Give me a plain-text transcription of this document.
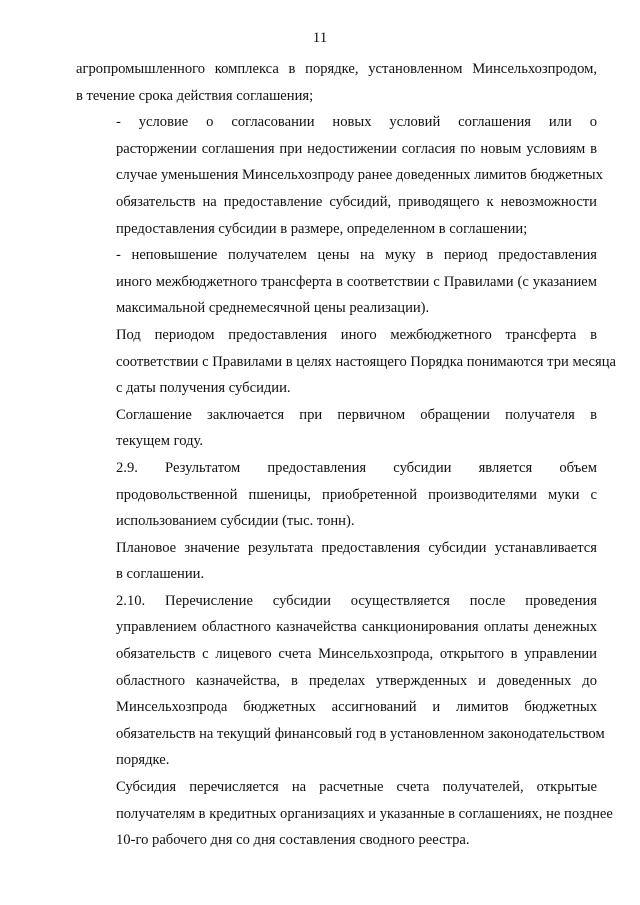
11
агропромышленного комплекса в порядке, установленном Минсельхозпродом,
в течение срока действия соглашения;
- условие о согласовании новых условий соглашения или о
расторжении соглашения при недостижении согласия по новым условиям в
случае уменьшения Минсельхозпроду ранее доведенных лимитов бюджетных
обязательств на предоставление субсидий, приводящего к невозможности
предоставления субсидии в размере, определенном в соглашении;
- неповышение получателем цены на муку в период предоставления
иного межбюджетного трансферта в соответствии с Правилами (с указанием
максимальной среднемесячной цены реализации).
Под периодом предоставления иного межбюджетного трансферта в
соответствии с Правилами в целях настоящего Порядка понимаются три месяца
с даты получения субсидии.
Соглашение заключается при первичном обращении получателя в
текущем году.
2.9. Результатом предоставления субсидии является объем
продовольственной пшеницы, приобретенной производителями муки с
использованием субсидии (тыс. тонн).
Плановое значение результата предоставления субсидии устанавливается
в соглашении.
2.10. Перечисление субсидии осуществляется после проведения
управлением областного казначейства санкционирования оплаты денежных
обязательств с лицевого счета Минсельхозпрода, открытого в управлении
областного казначейства, в пределах утвержденных и доведенных до
Минсельхозпрода бюджетных ассигнований и лимитов бюджетных
обязательств на текущий финансовый год в установленном законодательством
порядке.
Субсидия перечисляется на расчетные счета получателей, открытые
получателям в кредитных организациях и указанные в соглашениях, не позднее
10-го рабочего дня со дня составления сводного реестра.
